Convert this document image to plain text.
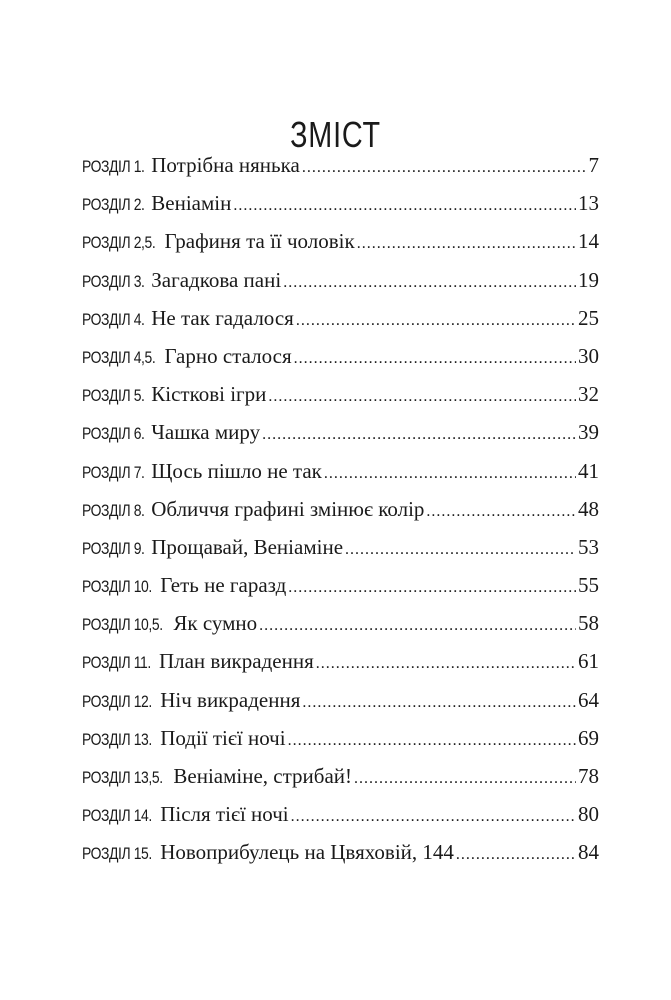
ЗМІСТ
РОЗДІЛ 1. Потрібна нянька .....	7
РОЗДІЛ 2. Веніамін .....	13
РОЗДІЛ 2,5. Графиня та її чоловік .....	14
РОЗДІЛ 3. Загадкова пані .....	19
РОЗДІЛ 4. Не так гадалося .....	25
РОЗДІЛ 4,5. Гарно сталося .....	30
РОЗДІЛ 5. Кісткові ігри .....	32
РОЗДІЛ 6. Чашка миру .....	39
РОЗДІЛ 7. Щось пішло не так .....	41
РОЗДІЛ 8. Обличчя графині змінює колір .....	48
РОЗДІЛ 9. Прощавай, Веніаміне .....	53
РОЗДІЛ 10. Геть не гаразд .....	55
РОЗДІЛ 10,5. Як сумно .....	58
РОЗДІЛ 11. План викрадення .....	61
РОЗДІЛ 12. Ніч викрадення .....	64
РОЗДІЛ 13. Події тієї ночі .....	69
РОЗДІЛ 13,5. Веніаміне, стрибай! .....	78
РОЗДІЛ 14. Після тієї ночі .....	80
РОЗДІЛ 15. Новоприбулець на Цвяховій, 144 .....	84
